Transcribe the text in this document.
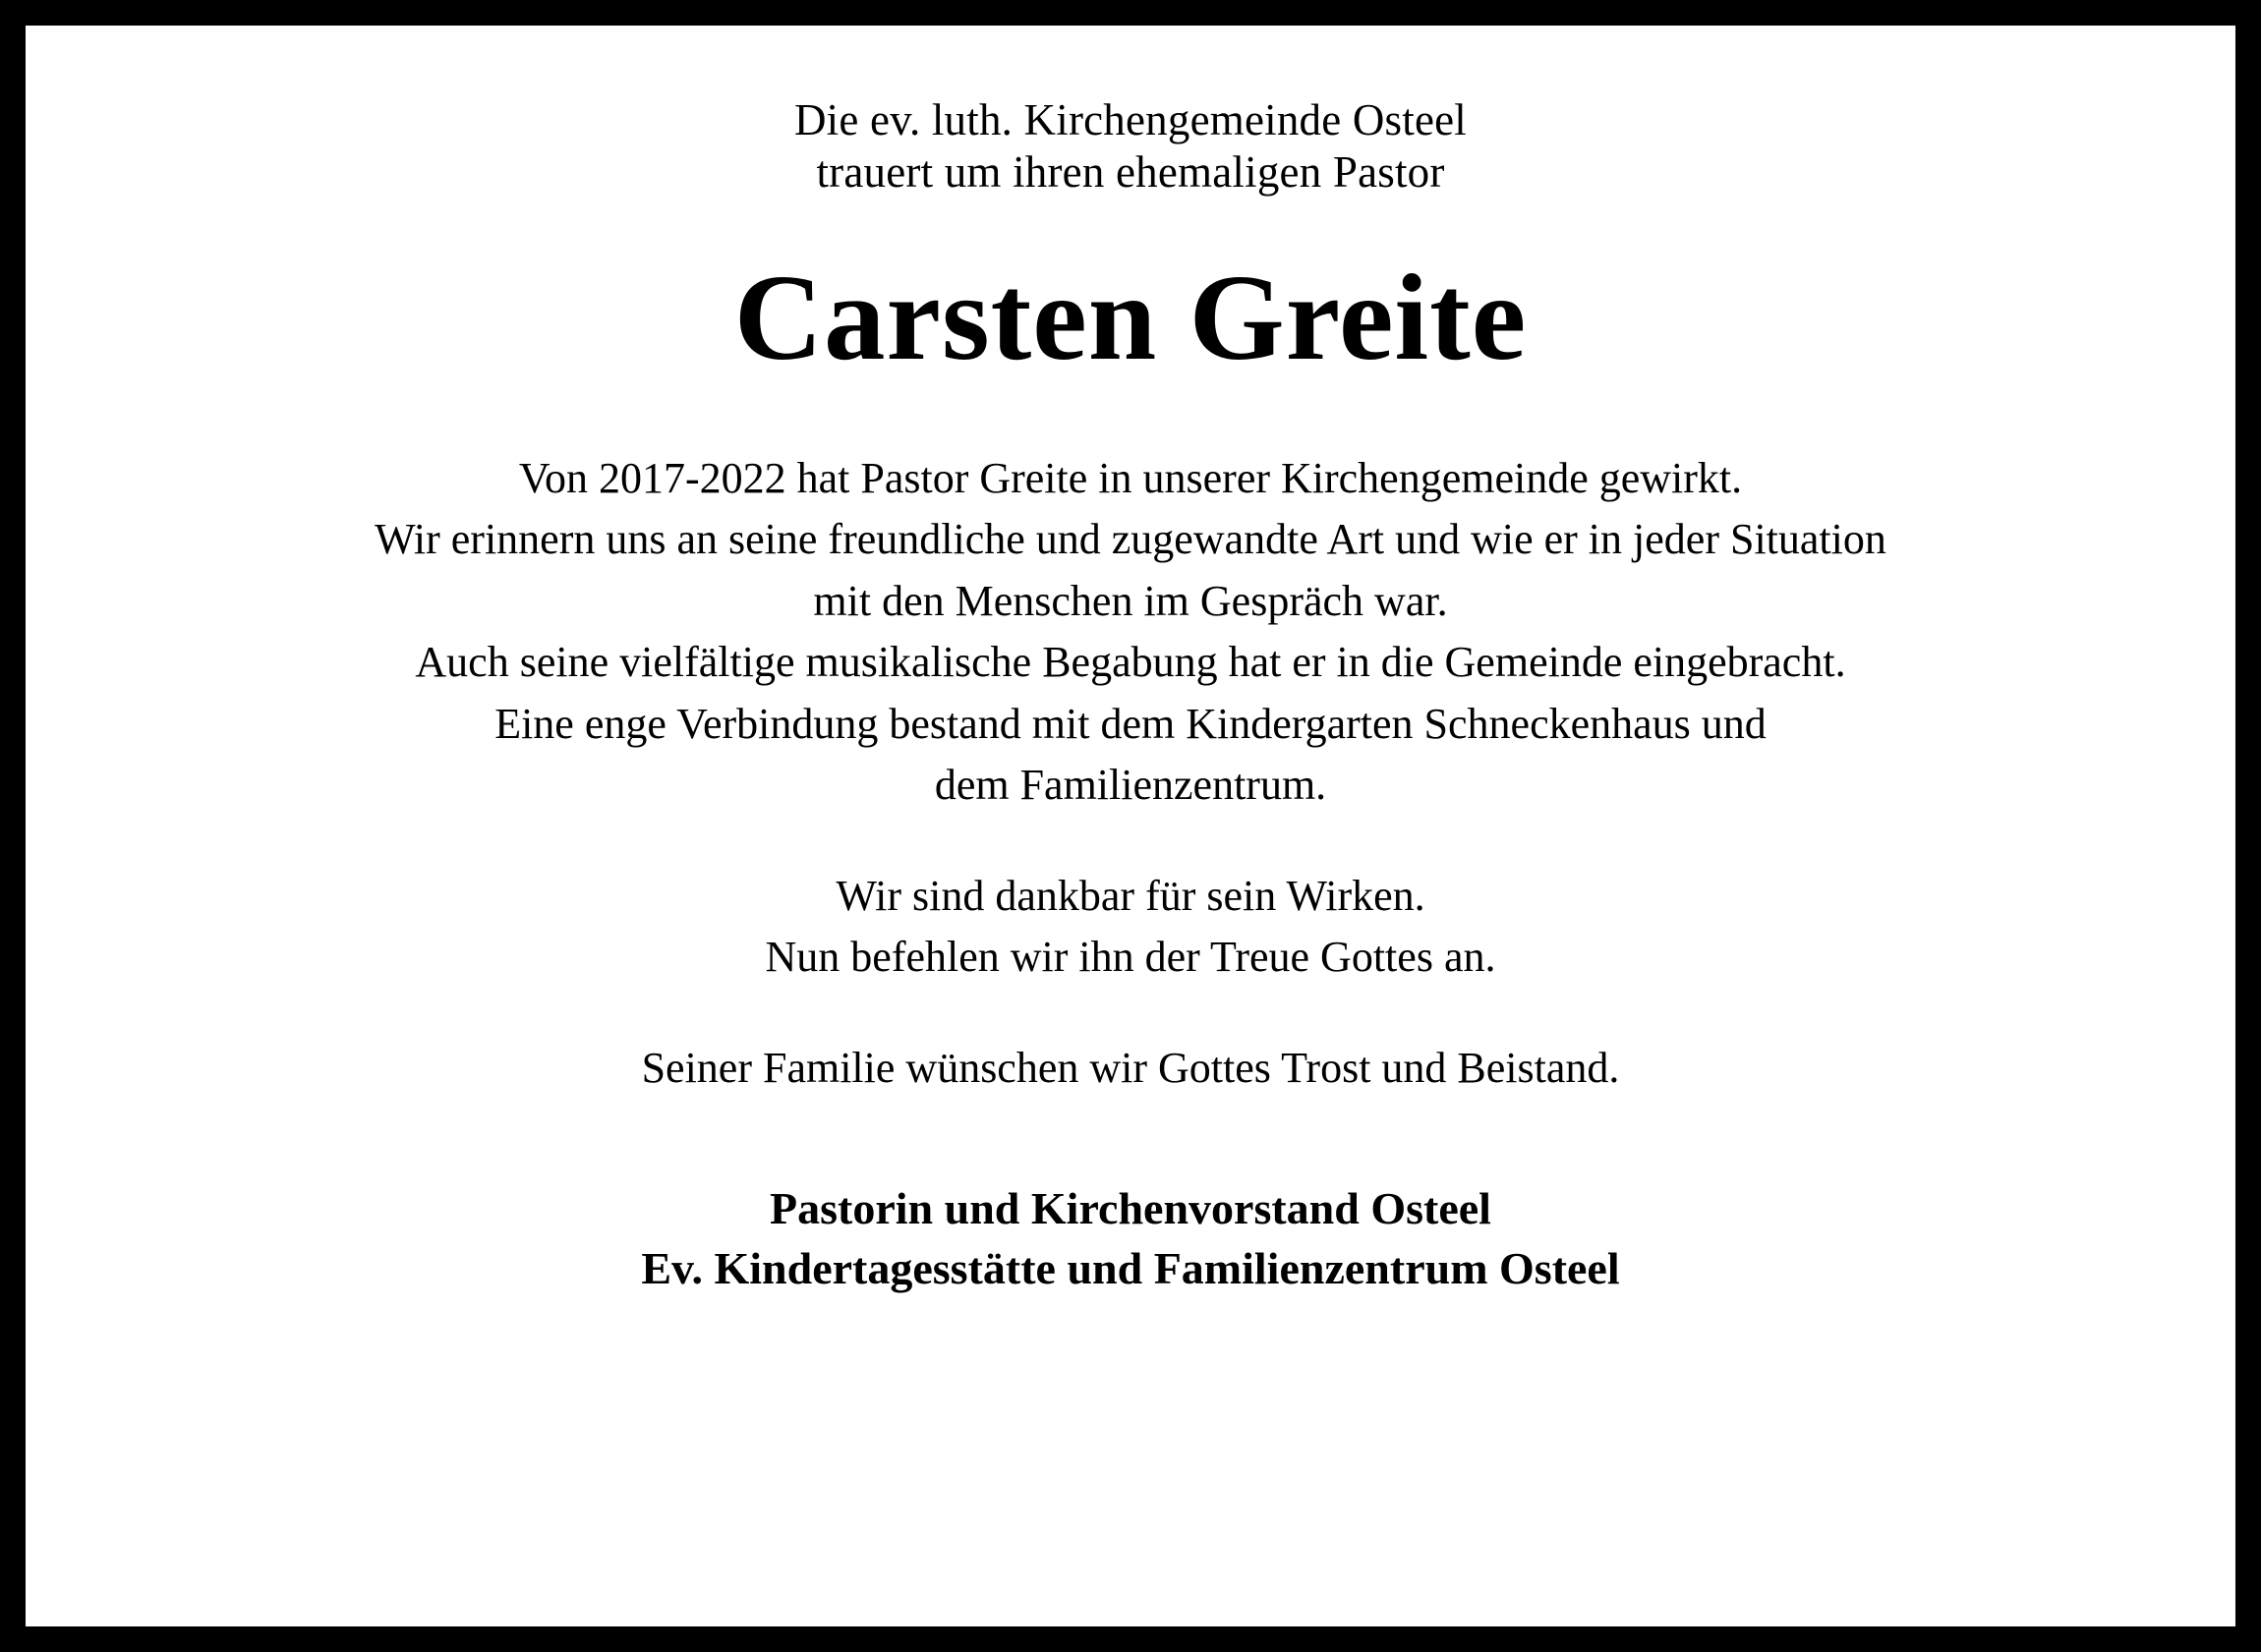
Die ev. luth. Kirchengemeinde Osteel
trauert um ihren ehemaligen Pastor
Carsten Greite
Von 2017-2022 hat Pastor Greite in unserer Kirchengemeinde gewirkt.
Wir erinnern uns an seine freundliche und zugewandte Art und wie er in jeder Situation
mit den Menschen im Gespräch war.
Auch seine vielfältige musikalische Begabung hat er in die Gemeinde eingebracht.
Eine enge Verbindung bestand mit dem Kindergarten Schneckenhaus und
dem Familienzentrum.
Wir sind dankbar für sein Wirken.
Nun befehlen wir ihn der Treue Gottes an.
Seiner Familie wünschen wir Gottes Trost und Beistand.
Pastorin und Kirchenvorstand Osteel
Ev. Kindertagesstätte und Familienzentrum Osteel
